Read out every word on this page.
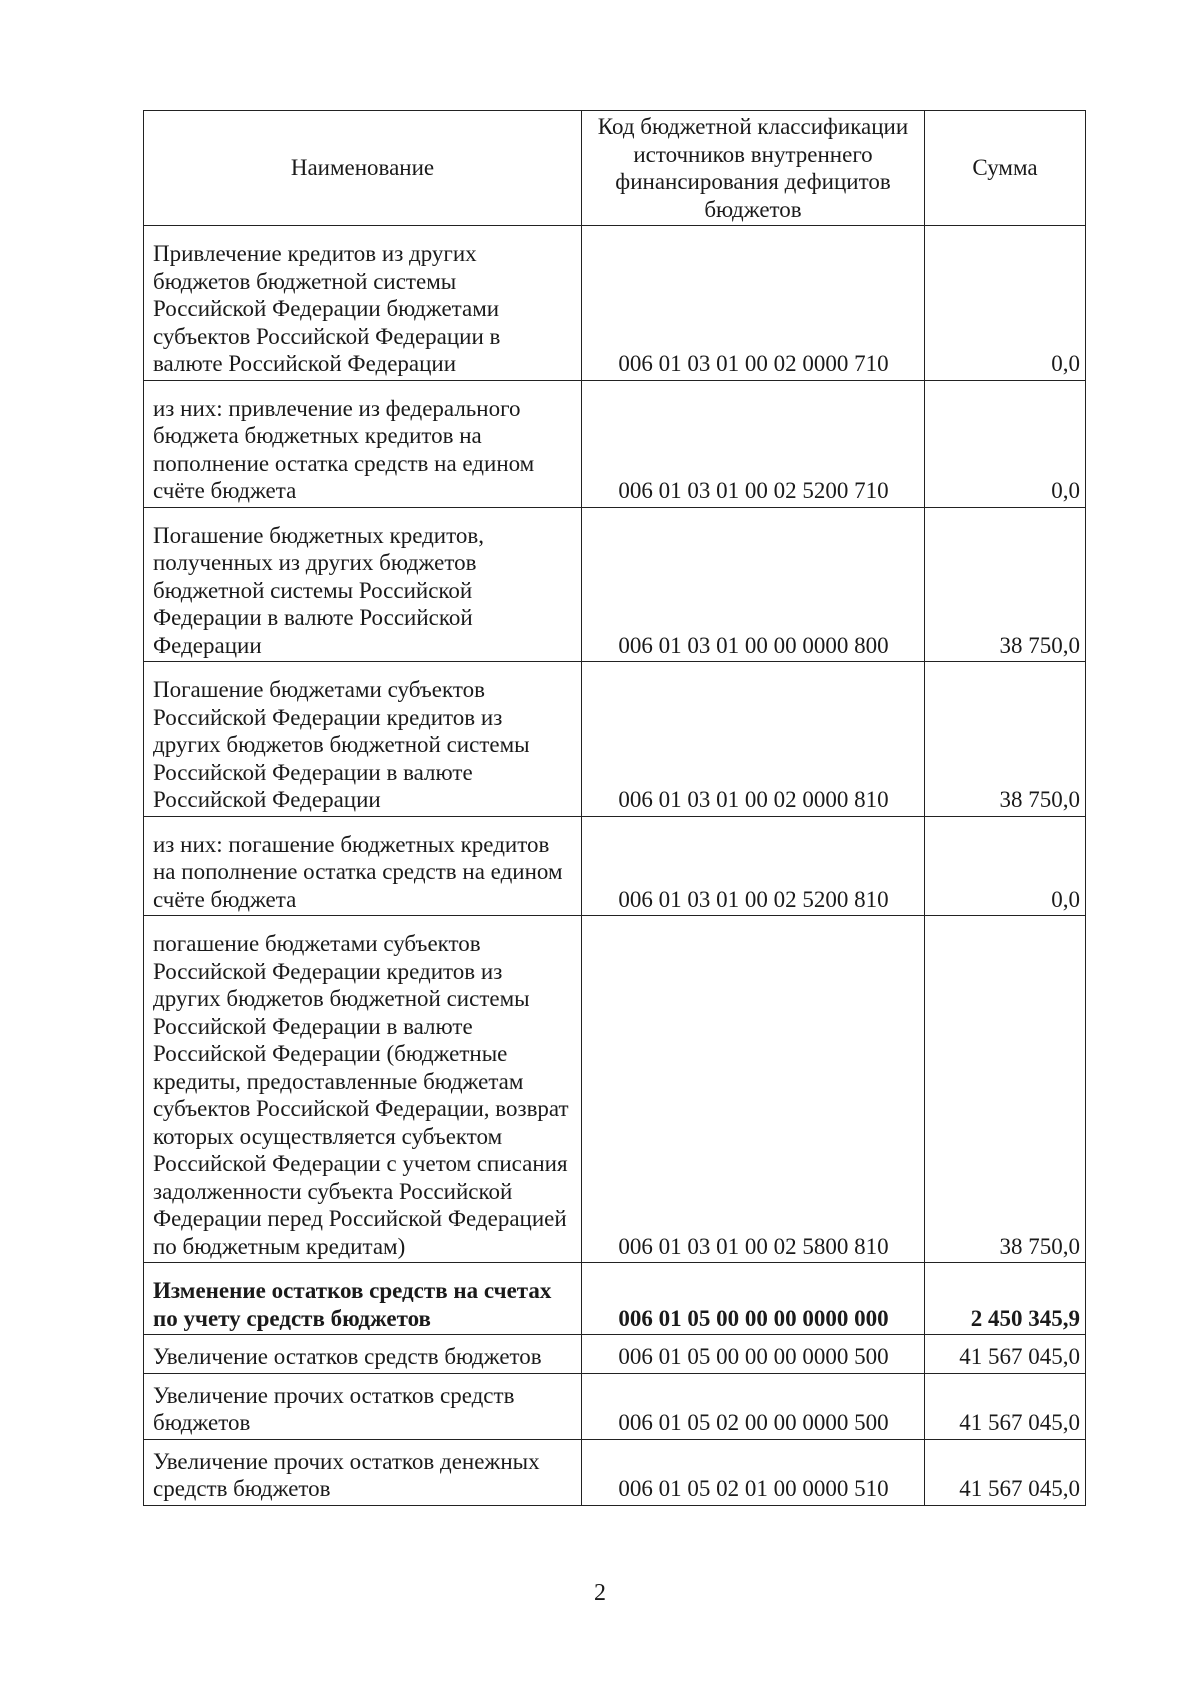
Наименование	Код бюджетной классификации источников внутреннего финансирования дефицитов бюджетов	Сумма
Привлечение кредитов из других бюджетов бюджетной системы Российской Федерации бюджетами субъектов Российской Федерации в валюте Российской Федерации	006 01 03 01 00 02 0000 710	0,0
из них: привлечение из федерального бюджета бюджетных кредитов на пополнение остатка средств на едином счёте бюджета	006 01 03 01 00 02 5200 710	0,0
Погашение бюджетных кредитов, полученных из других бюджетов бюджетной системы Российской Федерации в валюте Российской Федерации	006 01 03 01 00 00 0000 800	38 750,0
Погашение бюджетами субъектов Российской Федерации кредитов из других бюджетов бюджетной системы Российской Федерации в валюте Российской Федерации	006 01 03 01 00 02 0000 810	38 750,0
из них: погашение бюджетных кредитов на пополнение остатка средств на едином счёте бюджета	006 01 03 01 00 02 5200 810	0,0
погашение бюджетами субъектов Российской Федерации кредитов из других бюджетов бюджетной системы Российской Федерации в валюте Российской Федерации (бюджетные кредиты, предоставленные бюджетам субъектов Российской Федерации, возврат которых осуществляется субъектом Российской Федерации с учетом списания задолженности субъекта Российской Федерации перед Российской Федерацией по бюджетным кредитам)	006 01 03 01 00 02 5800 810	38 750,0
Изменение остатков средств на счетах по учету средств бюджетов	006 01 05 00 00 00 0000 000	2 450 345,9
Увеличение остатков средств бюджетов	006 01 05 00 00 00 0000 500	41 567 045,0
Увеличение прочих остатков средств бюджетов	006 01 05 02 00 00 0000 500	41 567 045,0
Увеличение прочих остатков денежных средств бюджетов	006 01 05 02 01 00 0000 510	41 567 045,0
2
